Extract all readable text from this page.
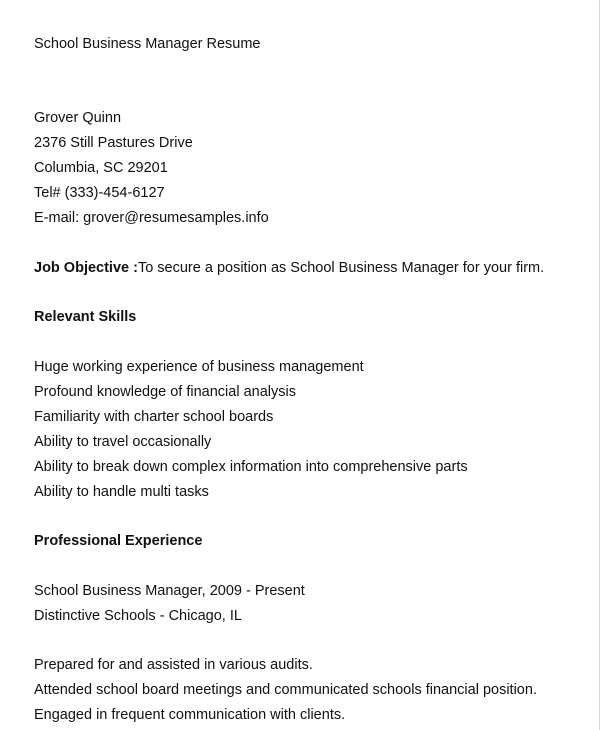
School Business Manager Resume
Grover Quinn
2376 Still Pastures Drive
Columbia, SC 29201
Tel# (333)-454-6127
E-mail: grover@resumesamples.info
Job Objective :To secure a position as School Business Manager for your firm.
Relevant Skills
Huge working experience of business management
Profound knowledge of financial analysis
Familiarity with charter school boards
Ability to travel occasionally
Ability to break down complex information into comprehensive parts
Ability to handle multi tasks
Professional Experience
School Business Manager, 2009 - Present
Distinctive Schools - Chicago, IL
Prepared for and assisted in various audits.
Attended school board meetings and communicated schools financial position.
Engaged in frequent communication with clients.
